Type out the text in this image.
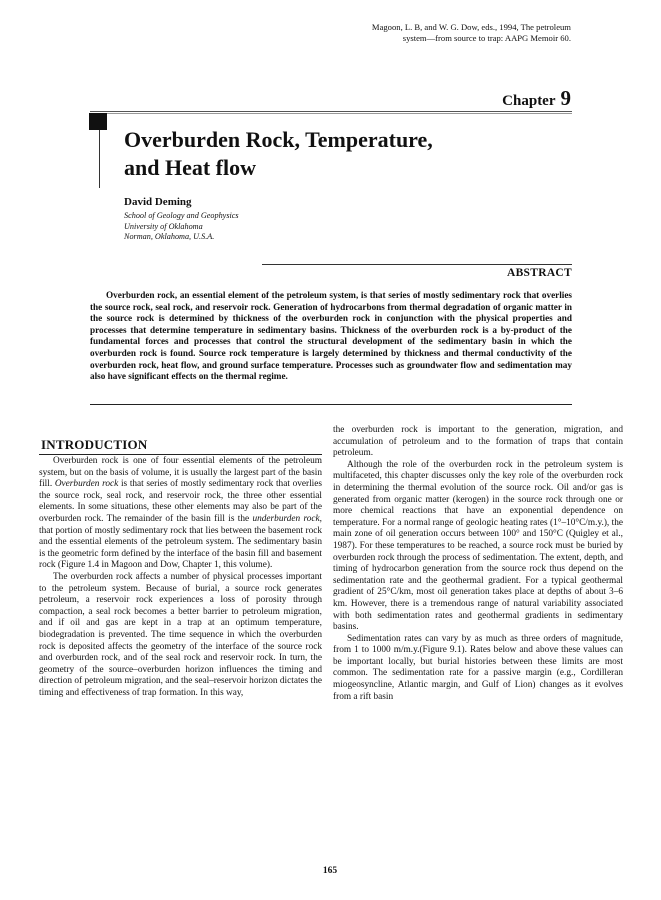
Magoon, L. B, and W. G. Dow, eds., 1994, The petroleum
system—from source to trap: AAPG Memoir 60.
Chapter 9
Overburden Rock, Temperature,
and Heat flow
David Deming
School of Geology and Geophysics
University of Oklahoma
Norman, Oklahoma, U.S.A.
ABSTRACT
Overburden rock, an essential element of the petroleum system, is that series of mostly sedimentary rock that overlies the source rock, seal rock, and reservoir rock. Generation of hydrocarbons from thermal degradation of organic matter in the source rock is determined by thickness of the overburden rock in conjunction with the physical properties and processes that determine temperature in sedimentary basins. Thickness of the overburden rock is a by-product of the fundamental forces and processes that control the structural development of the sedimentary basin in which the overburden rock is found. Source rock temperature is largely determined by thickness and thermal conductivity of the overburden rock, heat flow, and ground surface temperature. Processes such as groundwater flow and sedimentation may also have significant effects on the thermal regime.
INTRODUCTION

Overburden rock is one of four essential elements of the petroleum system, but on the basis of volume, it is usually the largest part of the basin fill. Overburden rock is that series of mostly sedimentary rock that overlies the source rock, seal rock, and reservoir rock, the three other essential elements. In some situations, these other elements may also be part of the overburden rock. The remainder of the basin fill is the underburden rock, that portion of mostly sedimentary rock that lies between the basement rock and the essential elements of the petroleum system. The sedimentary basin is the geometric form defined by the interface of the basin fill and basement rock (Figure 1.4 in Magoon and Dow, Chapter 1, this volume).

The overburden rock affects a number of physical processes important to the petroleum system. Because of burial, a source rock generates petroleum, a reservoir rock experiences a loss of porosity through compaction, a seal rock becomes a better barrier to petroleum migration, and if oil and gas are kept in a trap at an optimum temperature, biodegradation is prevented. The time sequence in which the overburden rock is deposited affects the geometry of the interface of the source rock and overburden rock, and of the seal rock and reservoir rock. In turn, the geometry of the source–overburden horizon influences the timing and direction of petroleum migration, and the seal–reservoir horizon dictates the timing and effectiveness of trap formation. In this way,

the overburden rock is important to the generation, migration, and accumulation of petroleum and to the formation of traps that contain petroleum.

Although the role of the overburden rock in the petroleum system is multifaceted, this chapter discusses only the key role of the overburden rock in determining the thermal evolution of the source rock. Oil and/or gas is generated from organic matter (kerogen) in the source rock through one or more chemical reactions that have an exponential dependence on temperature. For a normal range of geologic heating rates (1°–10°C/m.y.), the main zone of oil generation occurs between 100° and 150°C (Quigley et al., 1987). For these temperatures to be reached, a source rock must be buried by overburden rock through the process of sedimentation. The extent, depth, and timing of hydrocarbon generation from the source rock thus depend on the sedimentation rate and the geothermal gradient. For a typical geothermal gradient of 25°C/km, most oil generation takes place at depths of about 3–6 km. However, there is a tremendous range of natural variability associated with both sedimentation rates and geothermal gradients in sedimentary basins.

Sedimentation rates can vary by as much as three orders of magnitude, from 1 to 1000 m/m.y.(Figure 9.1). Rates below and above these values can be important locally, but burial histories between these limits are most common. The sedimentation rate for a passive margin (e.g., Cordilleran miogeosyncline, Atlantic margin, and Gulf of Lion) changes as it evolves from a rift basin

165
